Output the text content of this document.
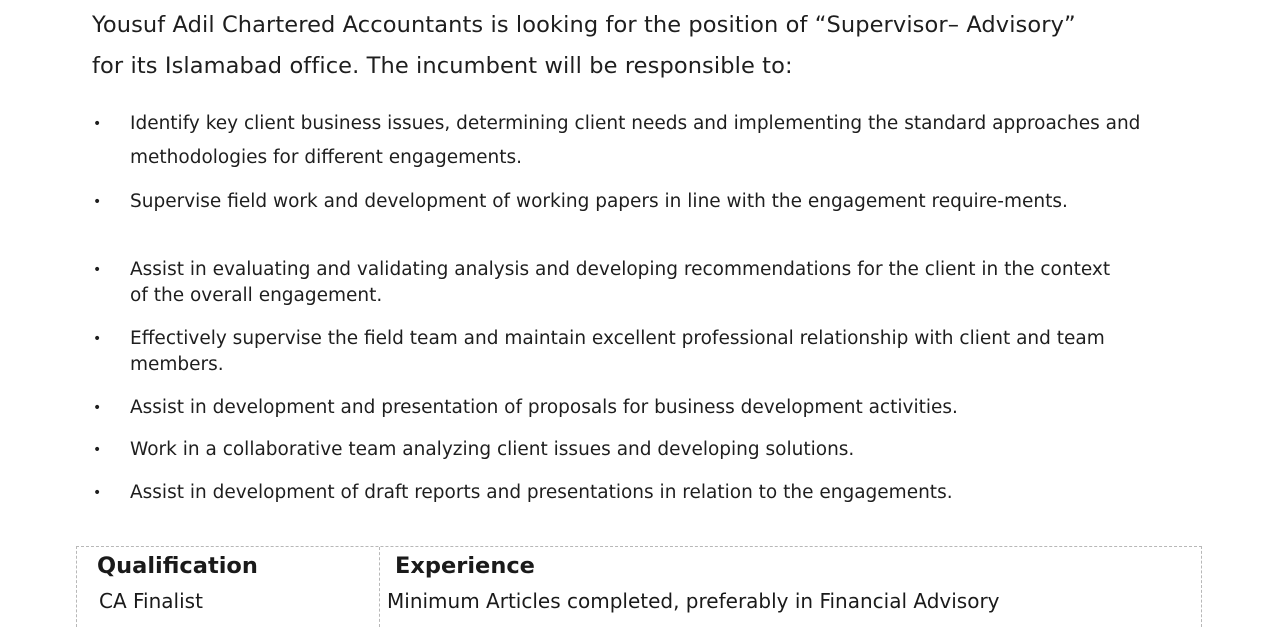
Yousuf Adil Chartered Accountants is looking for the position of “Supervisor– Advisory” for its Islamabad office. The incumbent will be responsible to:

•	Identify key client business issues, determining client needs and implementing the standard approaches and methodologies for different engagements.

•	Supervise field work and development of working papers in line with the engagement require-ments.

•	Assist in evaluating and validating analysis and developing recommendations for the client in the context of the overall engagement.

•	Effectively supervise the field team and maintain excellent professional relationship with client and team members.

•	Assist in development and presentation of proposals for business development activities.

•	Work in a collaborative team analyzing client issues and developing solutions.

•	Assist in development of draft reports and presentations in relation to the engagements.

Qualification	Experience
CA Finalist	Minimum Articles completed, preferably in Financial Advisory
